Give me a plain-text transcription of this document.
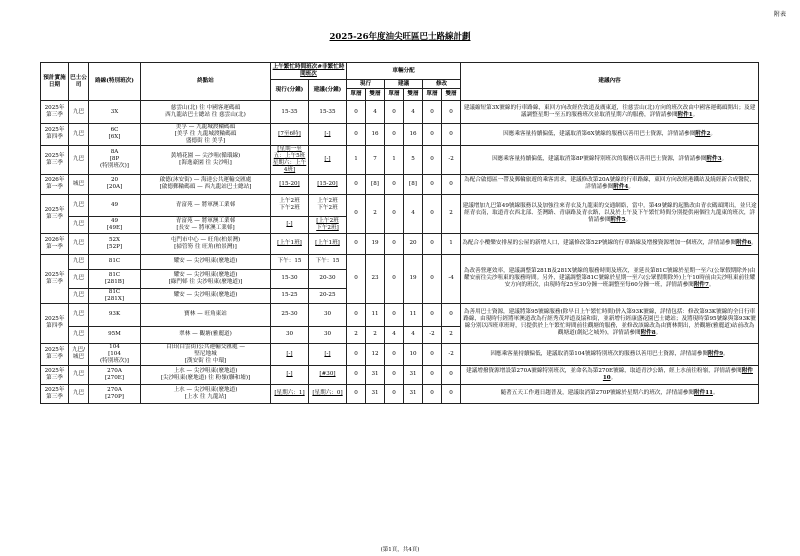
附表
2025-26年度油尖旺區巴士路線計劃
預計實施日期	巴士公司	路線(特別班次)	終點站	上午繁忙時間班次#非繁忙時間班次		車輛分配						建議內容
				現行(分鐘)	建議(分鐘)	現行		建議		修改		
						單層	雙層	單層	雙層	單層	雙層	
2025年第三季	九巴	3X	慈雲山(北) 往 中國客運碼頭
西九龍站巴士總站 往 慈雲山(北)	15-35	15-35	0	4	0	4	0	0	建議縮短第3X號線的行車路線，東回方向改經佐敦道及廣東道，往慈雲山(北)方向的班次改由中國客運碼頭開出；及建議調整星期一至五的服務班次並取消星期六的服務，詳情請參閱附件1。
2025年第四季	九巴	6C
[6X]	美孚 — 九龍城渡輪碼頭
[美孚 往 九龍城渡輪碼頭
盛德街 往 美孚]	[7至6時]	[-]	0	16	0	16	0	0	因應乘客量持續偏低，建議取消第6X號線的服務以善用巴士資源，詳情請參閱附件2。
2025年第三季	九巴	8A
[8P
(特別班次)]	黃埔花園 — 尖沙咀(循環線)
[海逸豪園 往 尖沙咀]	[星期一至五：上午5班
星期六：上午4班]	[-]	1	7	1	5	0	-2	因應乘客量持續偏低，建議取消第8P號線特別班次的服務以善用巴士資源，詳情請參閱附件3。
2026年第一季	城巴	20
[20A]	啟德(沐安街) — 海達公共運輸交匯處
[啟德郵輪碼頭 — 西九龍站巴士總站]	[15-20]	[15-20]	0	[8]	0	[8]	0	0	為配合啟德區一帶及郵輪旅遊的乘客需求，建議修改第20A號線的行車路線，東回方向改經港鐵站及繞經新合成醫院，詳情請參閱附件4。
2025年第三季	九巴	49	青富苑 — 將軍澳工業邨	上午2班
下午2班	上午2班
下午2班	0	2	0	4	0	2	建議增加九巴第49號線服務以及加強往來青衣及九龍東的交通網絡，當中，第49號線的起點改由青衣碼頭開出，並只途經青衣南，取道青衣西北部、荃灣路、青康路及青衣路，以及於上午及下午繁忙時間分別提供兩個往九龍東的班次，詳情請參閱附件5。
	九巴	49
[49E]	青富苑 — 將軍澳工業邨
[長安 — 將軍澳工業邨]	[-]	[上午2班
下午2班]							
2026年第一季	九巴	52X
[52P]	屯門市中心 — 旺角(柏景灣)
[掃管笏 往 旺角(柏景灣)]	[上午1班]	[上午1班]	0	19	0	20	0	1	為配合小欖樂安排屋的公屋的新增人口，建議修改第52P號線的行車路線及增撥資源增加一個班次，詳情請參閱附件6。
2025年第三季	九巴	81C	耀安 — 尖沙咀東(麼地道)	下午：15	下午：15	0	23	0	19	0	-4	為改善營運效率，建議調整第281B及281X號線的服務時間及班次，並延長第81C號線於星期一至六(公眾假期除外)由耀安前往尖沙咀東的服務時間。另外，建議調整第81C號線於星期一至六(公眾假期除外)上午10時前由尖沙咀東前往耀安方向的班次，由現時每25至30分鐘一班調整至每60分鐘一班，詳情請參閱附件7。
	九巴	81C
[281B]	耀安 — 尖沙咀東(麼地道)
[綠門邨 往 尖沙咀東(麼地道)]	15-30	20-30							
	九巴	81C
[281X]	耀安 — 尖沙咀東(麼地道)	15-25	20-25							
2025年第四季	九巴	93K	寶林 — 旺角東站	25-30	30	0	11	0	11	0	0	為善用巴士資源，建議將第95號線服務(除早日上午繁忙時間)併入第93K號線，詳情包括：修改第93K號線的全日行車路線，由現時行經將軍澳道改為行經秀茂坪道及協和街，並新增行經康盛花園巴士總站；及將現時第95號線與第93K號線分別以四班車班時，只提供於上午繁忙時間前往觀塘的服務，並修改該線改為由寶林開出，於觀塘(雅麗道)站前改為觀塘道(創紀之城外)，詳情請參閱附件8。
	九巴	95M	翠林 — 觀塘(雅麗道)	30	30	2	2	4	4	-2	2	
2025年第三季	九巴/城巴	104
[104
(特別班次)]	白田(白雲街)公共運輸交匯處 —
堅尼地城
[漢安街 往 中環]	[-]	[-]	0	12	0	10	0	-2	因應乘客量持續偏低，建議取消第104號線特別班次的服務以善用巴士資源，詳情請參閱附件9。
2025年第三季	九巴	270A
[270E]	上水 — 尖沙咀東(麼地道)
[尖沙咀東(麼地道) 往 粉嶺(聯和墟)]	[-]	[#30]	0	31	0	31	0	0	建議增撥資源增設第270A號線特別班次，並命名為第270E號線，取道青沙公路，經上水前往粉嶺，詳情請參閱附件10。
2025年第三季	九巴	270A
[270P]	上水 — 尖沙咀東(麼地道)
[上水 往 九龍站]	[星期六：1]	[星期六：0]	0	31	0	31	0	0	隨著五天工作週日趨普及，建議取消第270P號線於星期六的班次，詳情請參閱附件11。
(第1頁，共4頁)
